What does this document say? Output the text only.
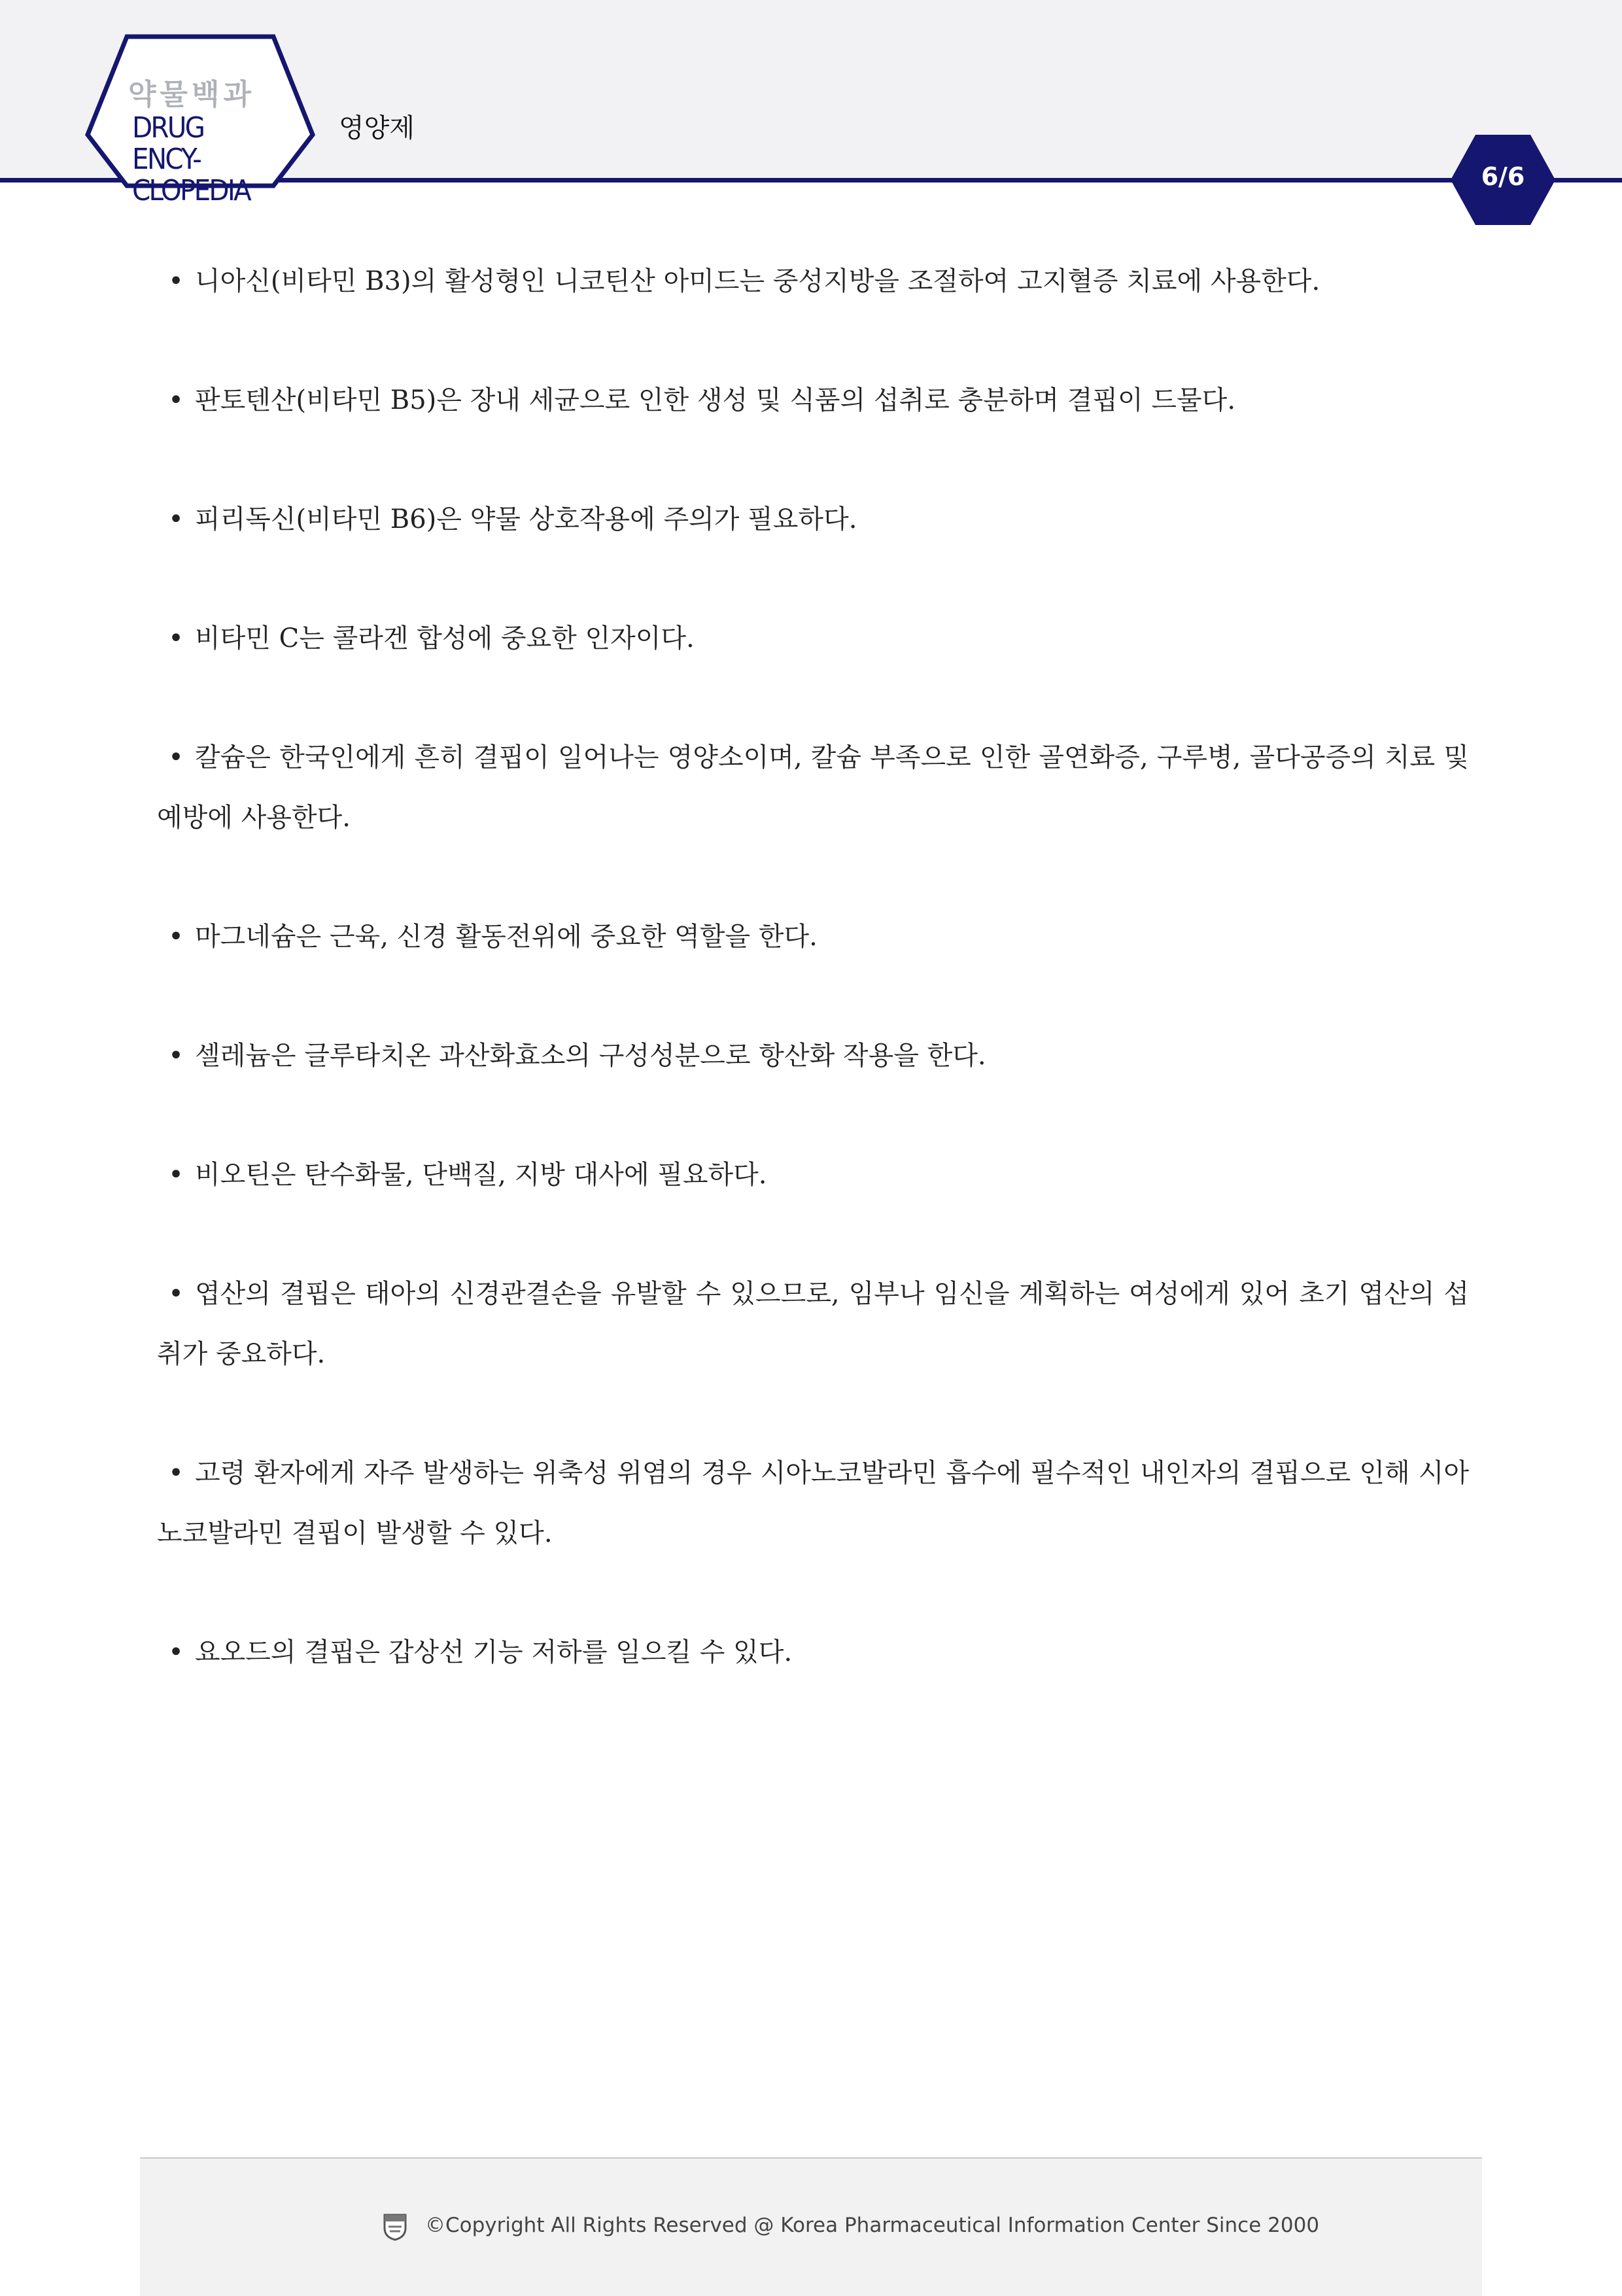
약물백과
DRUG ENCY-
CLOPEDIA
영양제
6/6

• 니아신(비타민 B3)의 활성형인 니코틴산 아미드는 중성지방을 조절하여 고지혈증 치료에 사용한다.

• 판토텐산(비타민 B5)은 장내 세균으로 인한 생성 및 식품의 섭취로 충분하며 결핍이 드물다.

• 피리독신(비타민 B6)은 약물 상호작용에 주의가 필요하다.

• 비타민 C는 콜라겐 합성에 중요한 인자이다.

• 칼슘은 한국인에게 흔히 결핍이 일어나는 영양소이며, 칼슘 부족으로 인한 골연화증, 구루병, 골다공증의 치료 및 예방에 사용한다.

• 마그네슘은 근육, 신경 활동전위에 중요한 역할을 한다.

• 셀레늄은 글루타치온 과산화효소의 구성성분으로 항산화 작용을 한다.

• 비오틴은 탄수화물, 단백질, 지방 대사에 필요하다.

• 엽산의 결핍은 태아의 신경관결손을 유발할 수 있으므로, 임부나 임신을 계획하는 여성에게 있어 초기 엽산의 섭취가 중요하다.

• 고령 환자에게 자주 발생하는 위축성 위염의 경우 시아노코발라민 흡수에 필수적인 내인자의 결핍으로 인해 시아노코발라민 결핍이 발생할 수 있다.

• 요오드의 결핍은 갑상선 기능 저하를 일으킬 수 있다.

©Copyright All Rights Reserved @ Korea Pharmaceutical Information Center Since 2000
